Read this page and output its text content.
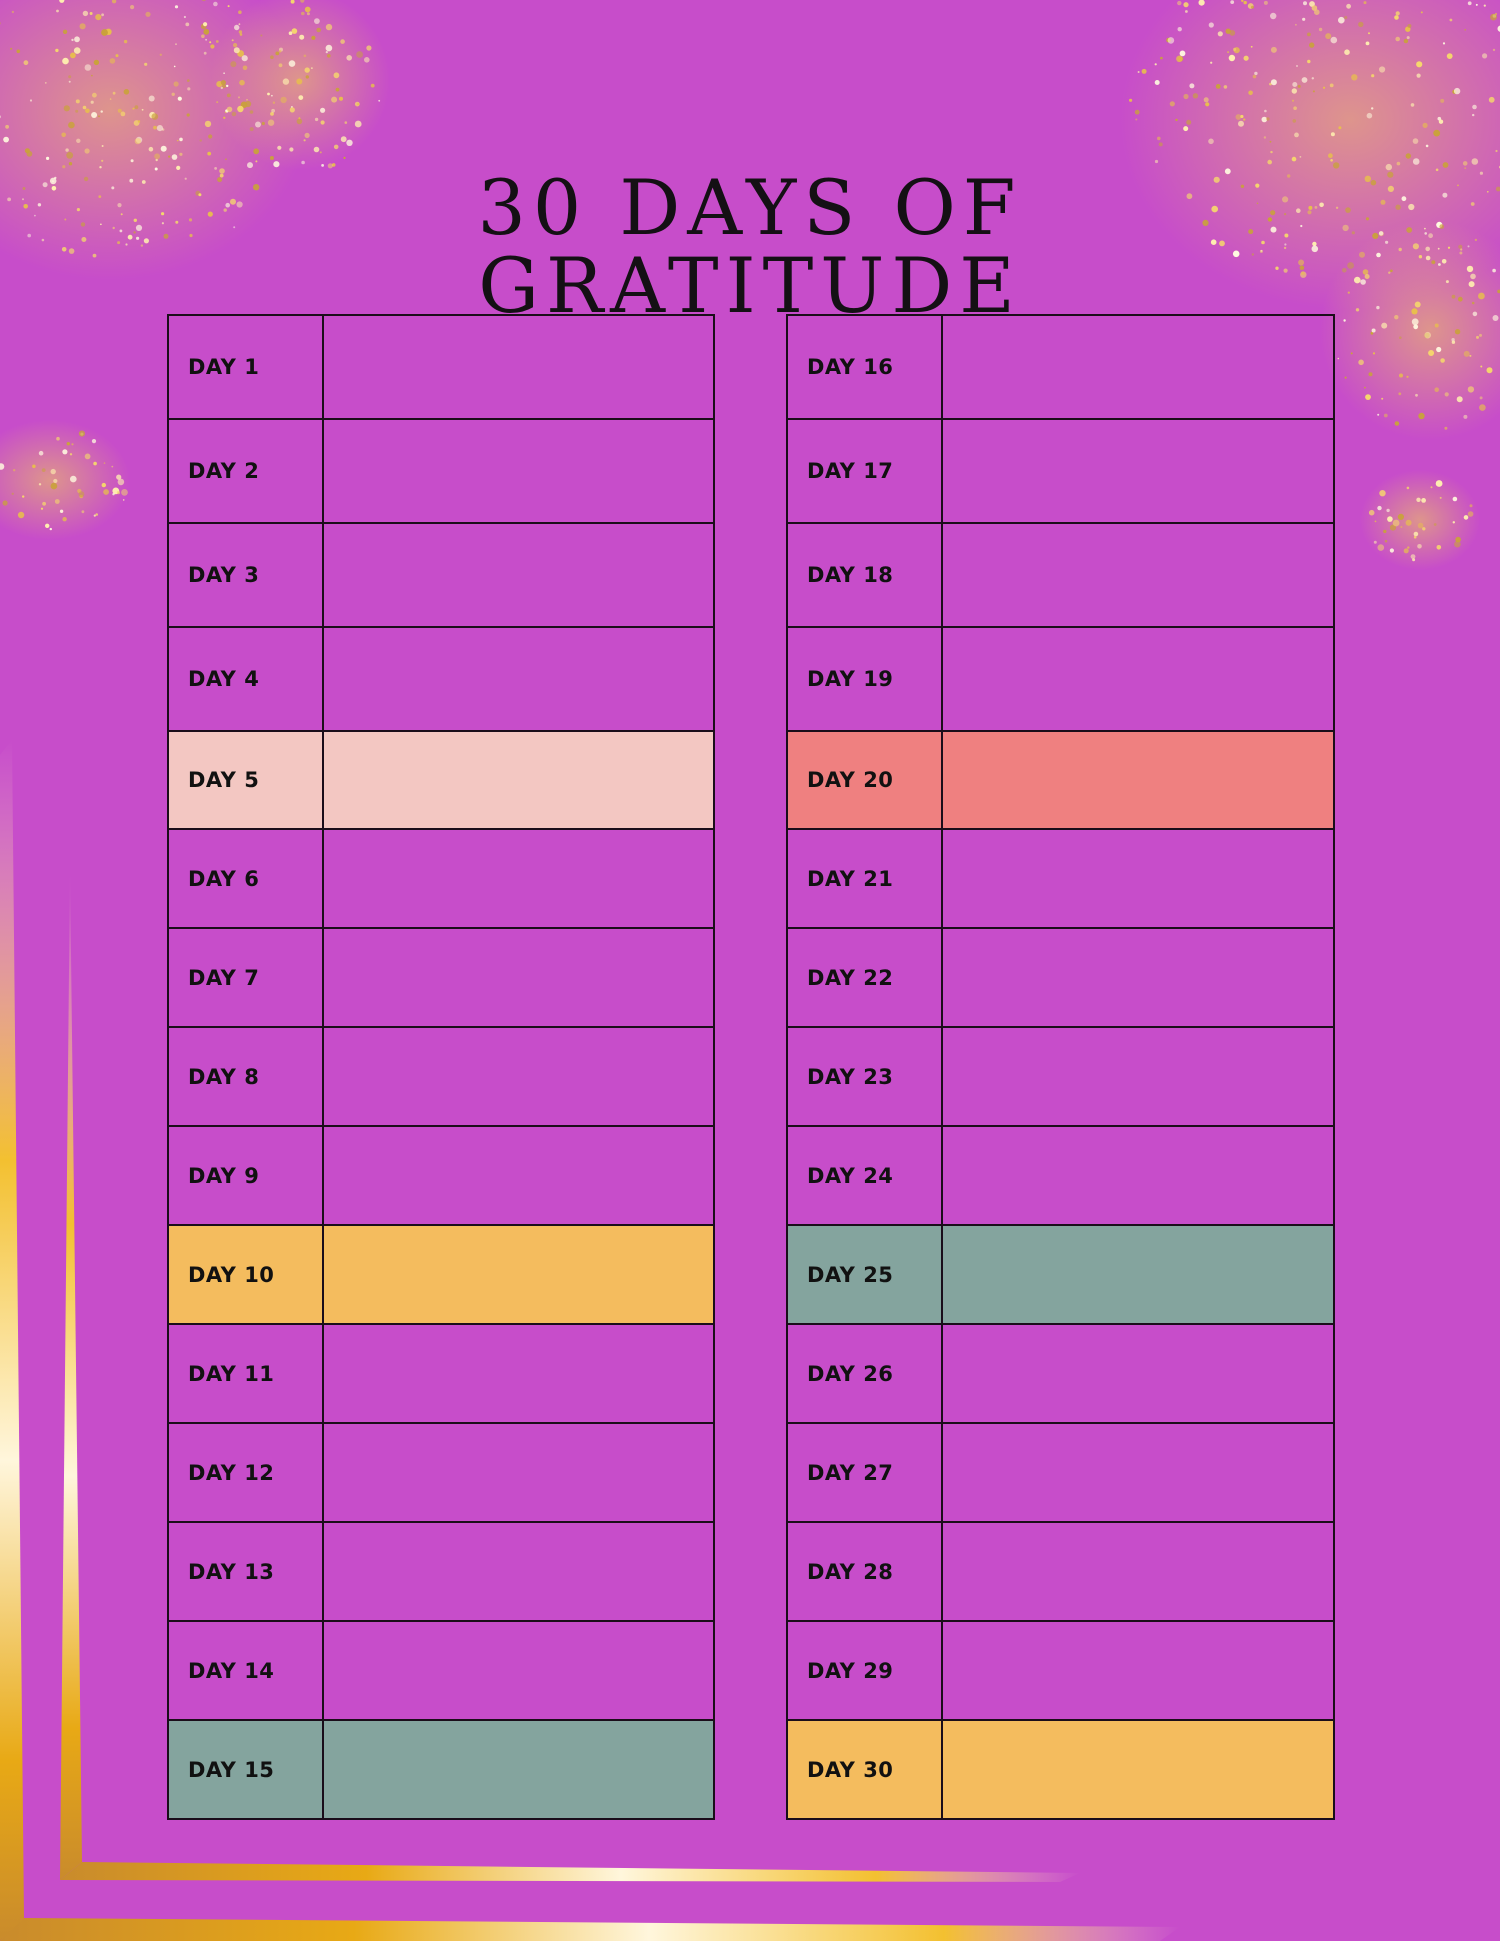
30 DAYS OF
GRATITUDE
DAY 1	
DAY 2	
DAY 3	
DAY 4	
DAY 5	
DAY 6	
DAY 7	
DAY 8	
DAY 9	
DAY 10	
DAY 11	
DAY 12	
DAY 13	
DAY 14	
DAY 15	
DAY 16	
DAY 17	
DAY 18	
DAY 19	
DAY 20	
DAY 21	
DAY 22	
DAY 23	
DAY 24	
DAY 25	
DAY 26	
DAY 27	
DAY 28	
DAY 29	
DAY 30	
